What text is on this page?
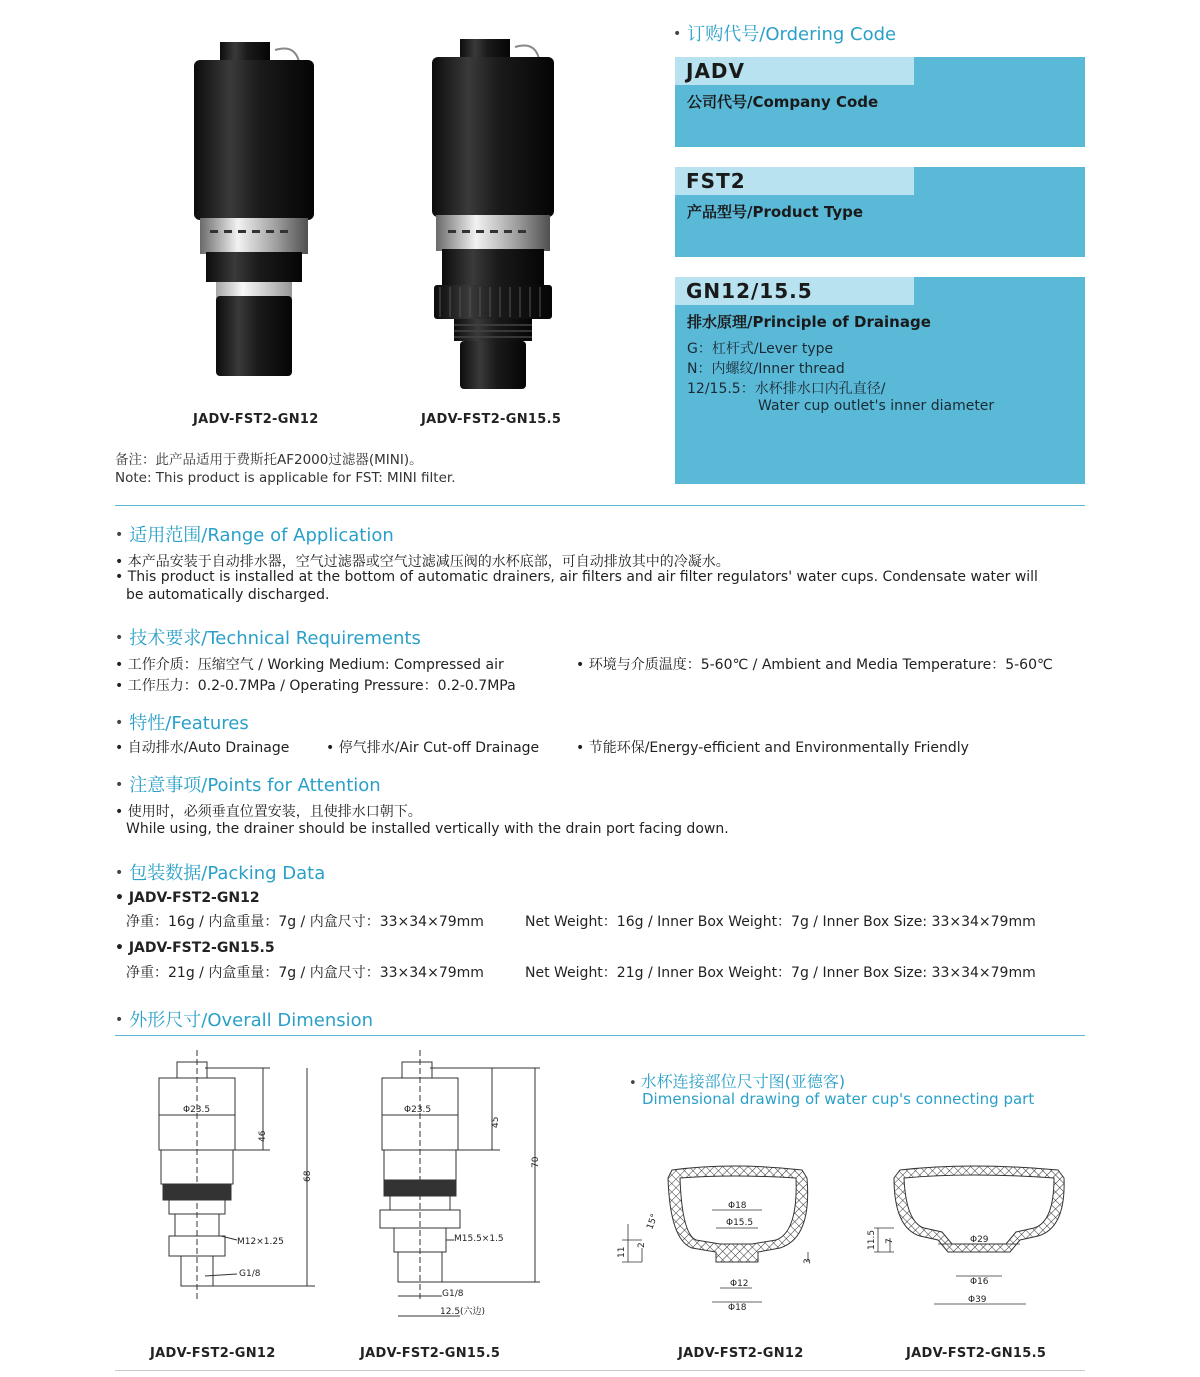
JADV-FST2-GN12	JADV-FST2-GN15.5
备注：此产品适用于费斯托AF2000过滤器(MINI)。
Note: This product is applicable for FST: MINI filter.
• 订购代号/Ordering Code
JADV
公司代号/Company Code
FST2
产品型号/Product Type
GN12/15.5
排水原理/Principle of Drainage
G：杠杆式/Lever type
N：内螺纹/Inner thread
12/15.5：水杯排水口内孔直径/
Water cup outlet's inner diameter
• 适用范围/Range of Application
• 本产品安装于自动排水器，空气过滤器或空气过滤减压阀的水杯底部，可自动排放其中的冷凝水。
• This product is installed at the bottom of automatic drainers, air filters and air filter regulators' water cups. Condensate water will
be automatically discharged.
• 技术要求/Technical Requirements
• 工作介质：压缩空气 / Working Medium: Compressed air
• 工作压力：0.2-0.7MPa / Operating Pressure：0.2-0.7MPa
• 环境与介质温度：5-60℃ / Ambient and Media Temperature：5-60℃
• 特性/Features
• 自动排水/Auto Drainage	• 停气排水/Air Cut-off Drainage	• 节能环保/Energy-efficient and Environmentally Friendly
• 注意事项/Points for Attention
• 使用时，必须垂直位置安装，且使排水口朝下。
While using, the drainer should be installed vertically with the drain port facing down.
• 包装数据/Packing Data
• JADV-FST2-GN12
净重：16g / 内盒重量：7g / 内盒尺寸：33×34×79mm	Net Weight：16g / Inner Box Weight：7g / Inner Box Size: 33×34×79mm
• JADV-FST2-GN15.5
净重：21g / 内盒重量：7g / 内盒尺寸：33×34×79mm	Net Weight：21g / Inner Box Weight：7g / Inner Box Size: 33×34×79mm
• 外形尺寸/Overall Dimension
Φ23.5
46
68
M12×1.25
G1/8
Φ23.5
45
70
M15.5×1.5
G1/8
12.5(六边)
• 水杯连接部位尺寸图(亚德客)
Dimensional drawing of water cup's connecting part
Φ18
Φ15.5
Φ12
Φ18
15°
2
11
3
Φ29
Φ16
Φ39
7
11.5
JADV-FST2-GN12	JADV-FST2-GN15.5	JADV-FST2-GN12	JADV-FST2-GN15.5
